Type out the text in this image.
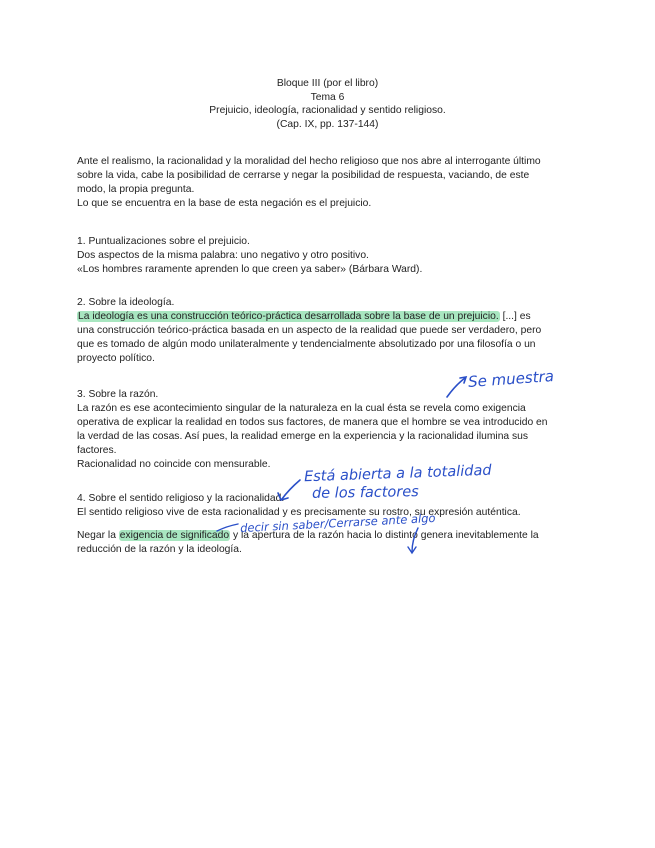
Bloque III (por el libro)
Tema 6
Prejuicio, ideología, racionalidad y sentido religioso.
(Cap. IX, pp. 137-144)
Ante el realismo, la racionalidad y la moralidad del hecho religioso que nos abre al interrogante último
sobre la vida, cabe la posibilidad de cerrarse y negar la posibilidad de respuesta, vaciando, de este
modo, la propia pregunta.
Lo que se encuentra en la base de esta negación es el prejuicio.
1. Puntualizaciones sobre el prejuicio.
Dos aspectos de la misma palabra: uno negativo y otro positivo.
«Los hombres raramente aprenden lo que creen ya saber» (Bárbara Ward).
2. Sobre la ideología.
La ideología es una construcción teórico-práctica desarrollada sobre la base de un prejuicio. [...] es
una construcción teórico-práctica basada en un aspecto de la realidad que puede ser verdadero, pero
que es tomado de algún modo unilateralmente y tendencialmente absolutizado por una filosofía o un
proyecto político.
3. Sobre la razón.
La razón es ese acontecimiento singular de la naturaleza en la cual ésta se revela como exigencia
operativa de explicar la realidad en todos sus factores, de manera que el hombre se vea introducido en
la verdad de las cosas. Así pues, la realidad emerge en la experiencia y la racionalidad ilumina sus
factores.
Racionalidad no coincide con mensurable.
4. Sobre el sentido religioso y la racionalidad.
El sentido religioso vive de esta racionalidad y es precisamente su rostro, su expresión auténtica.
Negar la exigencia de significado y la apertura de la razón hacia lo distinto genera inevitablemente la
reducción de la razón y la ideología.
Se muestra
Está abierta a la totalidad
de los factores
decir sin saber/Cerrarse ante algo
